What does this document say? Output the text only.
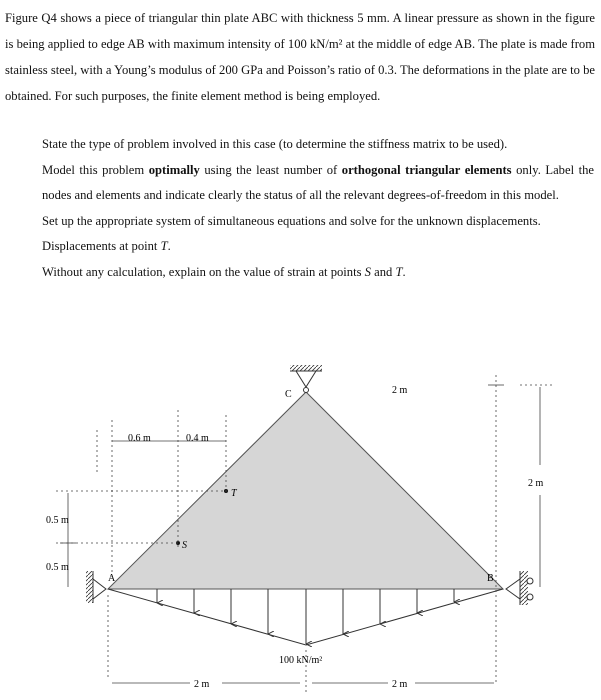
Figure Q4 shows a piece of triangular thin plate ABC with thickness 5 mm. A linear pressure as shown in the figure is being applied to edge AB with maximum intensity of 100 kN/m² at the middle of edge AB. The plate is made from stainless steel, with a Young’s modulus of 200 GPa and Poisson’s ratio of 0.3. The deformations in the plate are to be obtained. For such purposes, the finite element method is being employed.

State the type of problem involved in this case (to determine the stiffness matrix to be used).

Model this problem optimally using the least number of orthogonal triangular elements only. Label the nodes and elements and indicate clearly the status of all the relevant degrees-of-freedom in this model.

Set up the appropriate system of simultaneous equations and solve for the unknown displacements.

Displacements at point T.

Without any calculation, explain on the value of strain at points S and T.

0.6 m	0.4 m
0.5 m
0.5 m
2 m
2 m
2 m	2 m
A	B
C
S
T
100 kN/m²
